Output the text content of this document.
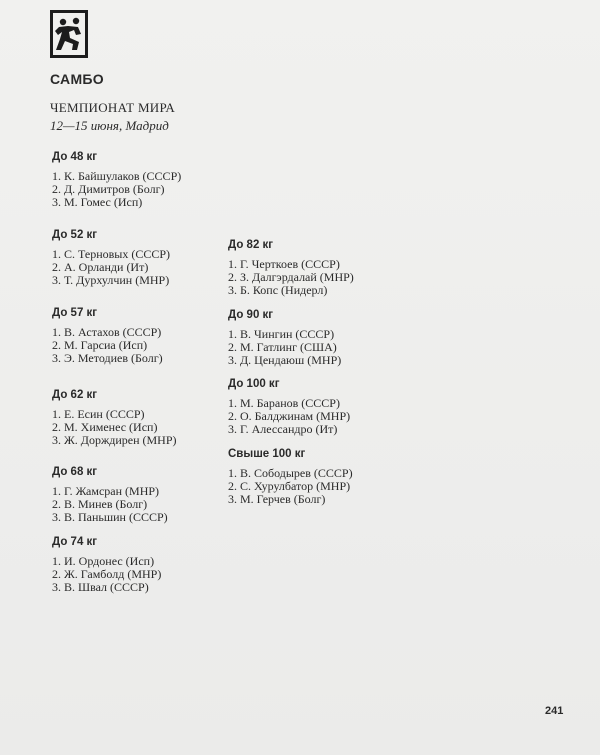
САМБО
ЧЕМПИОНАТ МИРА
12—15 июня, Мадрид
До 48 кг
1. К. Байшулаков (СССР)
2. Д. Димитров (Болг)
3. М. Гомес (Исп)
До 52 кг
1. С. Терновых (СССР)
2. А. Орланди (Ит)
3. Т. Дурхулчин (МНР)
До 57 кг
1. В. Астахов (СССР)
2. М. Гарсиа (Исп)
3. Э. Методиев (Болг)
До 62 кг
1. Е. Есин (СССР)
2. М. Хименес (Исп)
3. Ж. Дорждирен (МНР)
До 68 кг
1. Г. Жамсран (МНР)
2. В. Минев (Болг)
3. В. Паньшин (СССР)
До 74 кг
1. И. Ордонес (Исп)
2. Ж. Гамболд (МНР)
3. В. Швал (СССР)
До 82 кг
1. Г. Черткоев (СССР)
2. З. Далгэрдалай (МНР)
3. Б. Копс (Нидерл)
До 90 кг
1. В. Чингин (СССР)
2. М. Гатлинг (США)
3. Д. Цендаюш (МНР)
До 100 кг
1. М. Баранов (СССР)
2. О. Балджинам (МНР)
3. Г. Алессандро (Ит)
Свыше 100 кг
1. В. Сободырев (СССР)
2. С. Хурулбатор (МНР)
3. М. Герчев (Болг)
241
